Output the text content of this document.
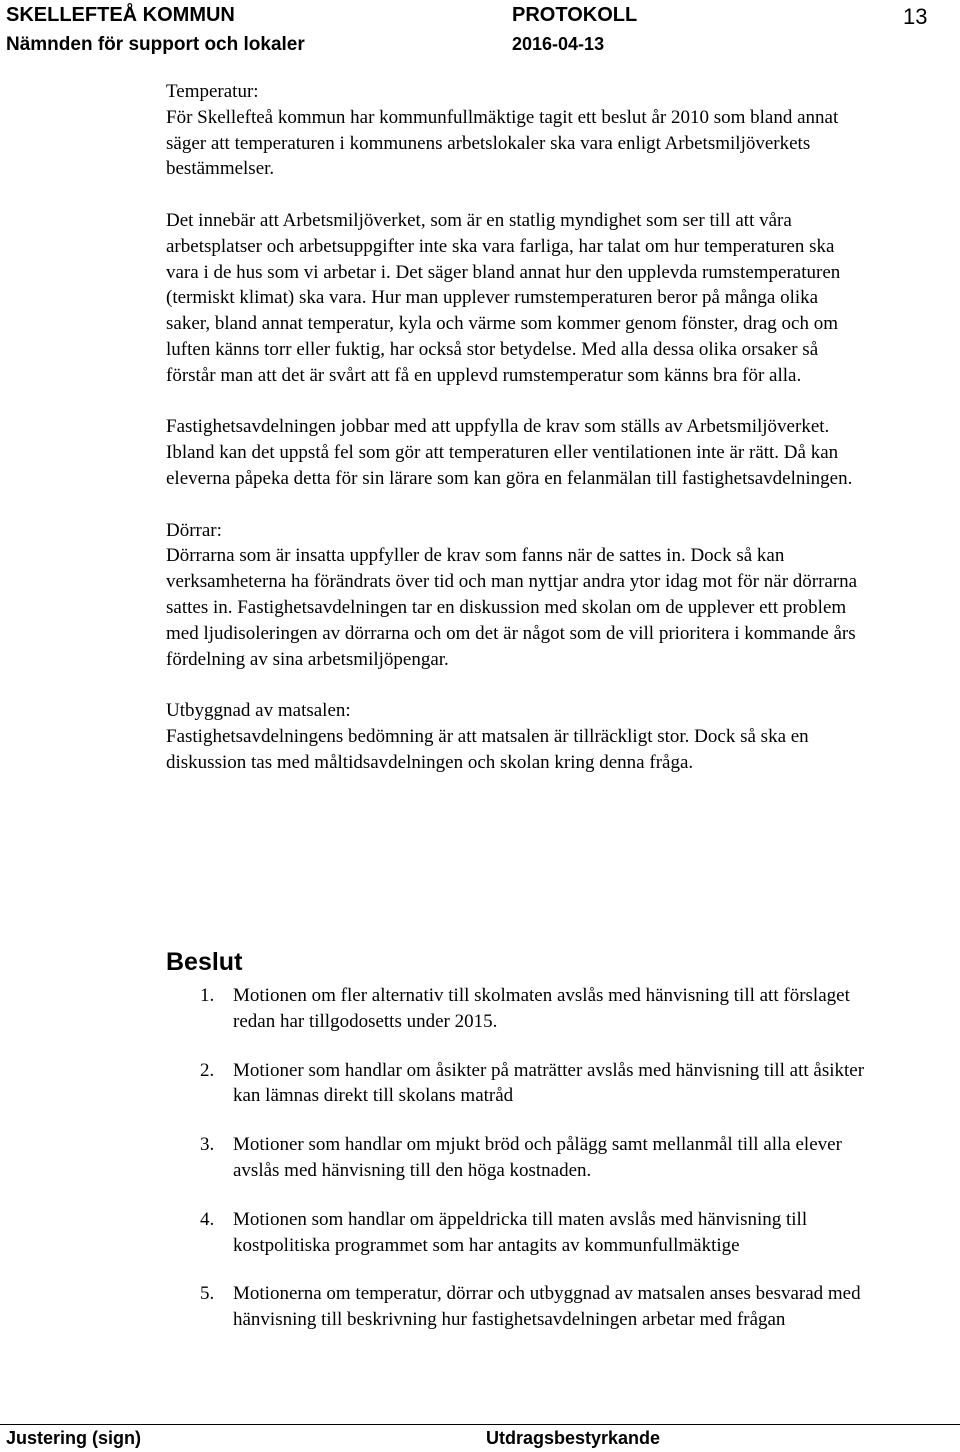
SKELLEFTEÅ KOMMUN
Nämnden för support och lokaler
PROTOKOLL
2016-04-13
13

Temperatur:

För Skellefteå kommun har kommunfullmäktige tagit ett beslut år 2010 som bland annat säger att temperaturen i kommunens arbetslokaler ska vara enligt Arbetsmiljöverkets bestämmelser.

Det innebär att Arbetsmiljöverket, som är en statlig myndighet som ser till att våra arbetsplatser och arbetsuppgifter inte ska vara farliga, har talat om hur temperaturen ska vara i de hus som vi arbetar i. Det säger bland annat hur den upplevda rumstemperaturen (termiskt klimat) ska vara. Hur man upplever rumstemperaturen beror på många olika saker, bland annat temperatur, kyla och värme som kommer genom fönster, drag och om luften känns torr eller fuktig, har också stor betydelse. Med alla dessa olika orsaker så förstår man att det är svårt att få en upplevd rumstemperatur som känns bra för alla.

Fastighetsavdelningen jobbar med att uppfylla de krav som ställs av Arbetsmiljöverket. Ibland kan det uppstå fel som gör att temperaturen eller ventilationen inte är rätt. Då kan eleverna påpeka detta för sin lärare som kan göra en felanmälan till fastighetsavdelningen.

Dörrar:

Dörrarna som är insatta uppfyller de krav som fanns när de sattes in. Dock så kan verksamheterna ha förändrats över tid och man nyttjar andra ytor idag mot för när dörrarna sattes in. Fastighetsavdelningen tar en diskussion med skolan om de upplever ett problem med ljudisoleringen av dörrarna och om det är något som de vill prioritera i kommande års fördelning av sina arbetsmiljöpengar.

Utbyggnad av matsalen:

Fastighetsavdelningens bedömning är att matsalen är tillräckligt stor. Dock så ska en diskussion tas med måltidsavdelningen och skolan kring denna fråga.

Beslut
1. Motionen om fler alternativ till skolmaten avslås med hänvisning till att förslaget redan har tillgodosetts under 2015.
2. Motioner som handlar om åsikter på maträtter avslås med hänvisning till att åsikter kan lämnas direkt till skolans matråd
3. Motioner som handlar om mjukt bröd och pålägg samt mellanmål till alla elever avslås med hänvisning till den höga kostnaden.
4. Motionen som handlar om äppeldricka till maten avslås med hänvisning till kostpolitiska programmet som har antagits av kommunfullmäktige
5. Motionerna om temperatur, dörrar och utbyggnad av matsalen anses besvarad med hänvisning till beskrivning hur fastighetsavdelningen arbetar med frågan
Justering (sign)	Utdragsbestyrkande
